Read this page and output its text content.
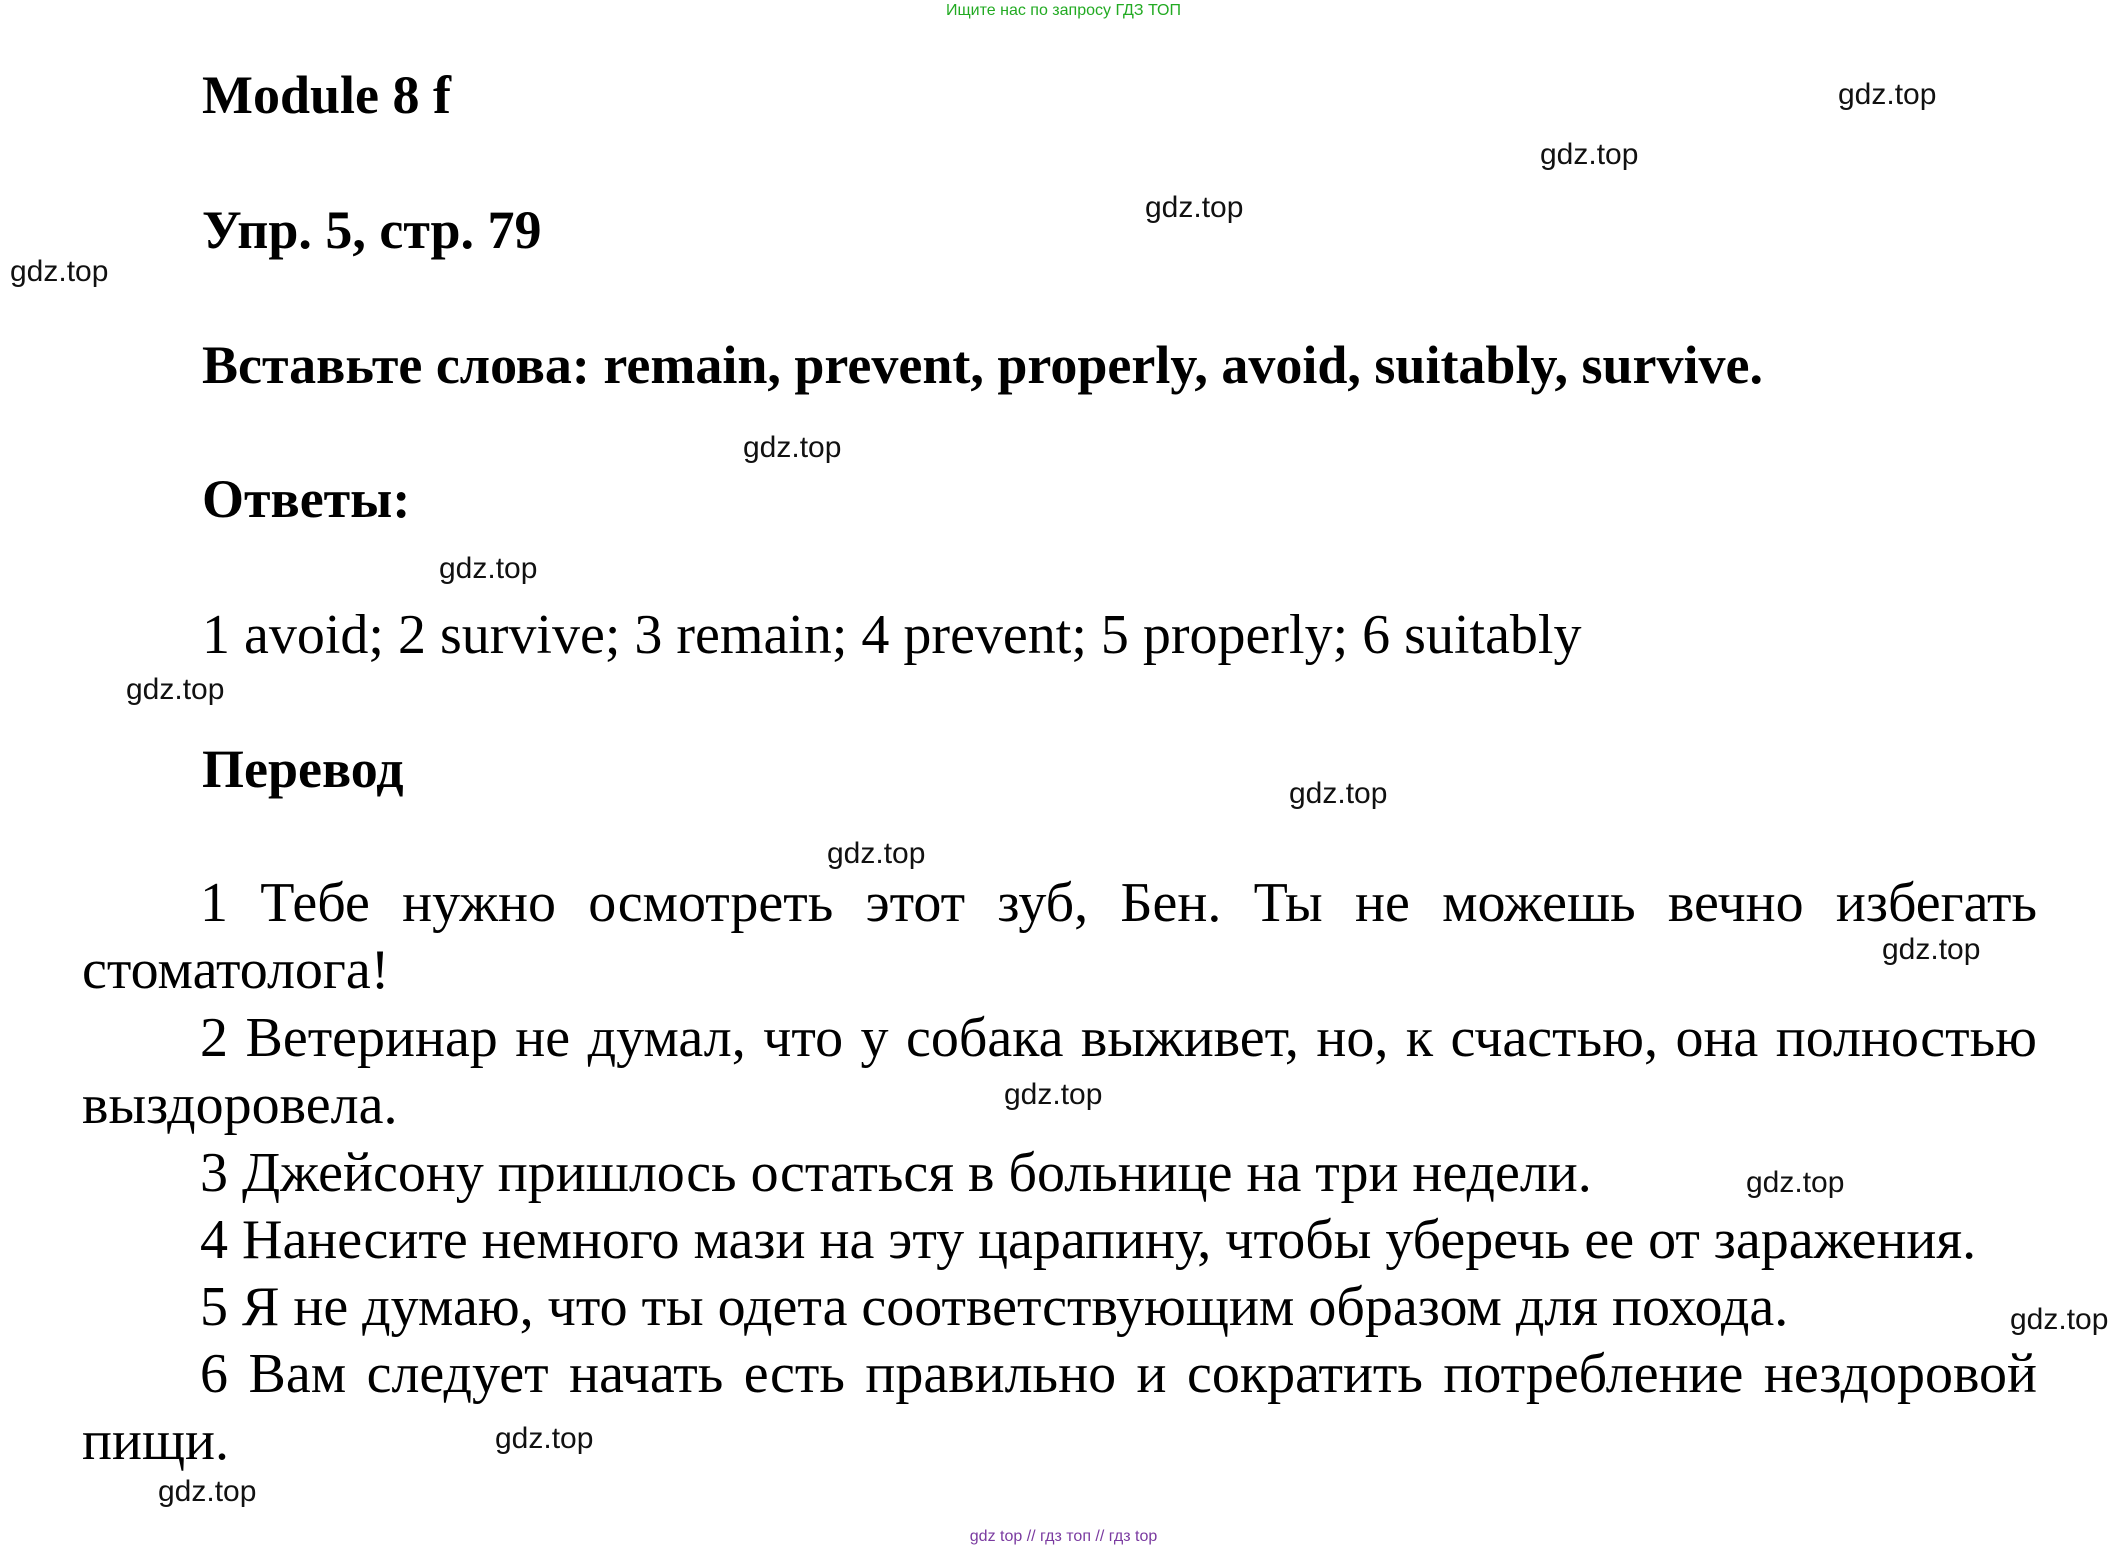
Ищите нас по запросу ГДЗ ТОП
Module 8 f
Упр. 5, стр. 79
Вставьте слова: remain, prevent, properly, avoid, suitably, survive.
Ответы:
1 avoid; 2 survive; 3 remain; 4 prevent; 5 properly; 6 suitably
Перевод
1 Тебе нужно осмотреть этот зуб, Бен. Ты не можешь вечно избегать стоматолога!
2 Ветеринар не думал, что у собака выживет, но, к счастью, она полностью выздоровела.
3 Джейсону пришлось остаться в больнице на три недели.
4 Нанесите немного мази на эту царапину, чтобы уберечь ее от заражения.
5 Я не думаю, что ты одета соответствующим образом для похода.
6 Вам следует начать есть правильно и сократить потребление нездоровой пищи.
gdz.top
gdz.top
gdz.top
gdz.top
gdz.top
gdz.top
gdz.top
gdz.top
gdz.top
gdz.top
gdz.top
gdz.top
gdz.top
gdz.top
gdz.top
gdz top // гдз топ // гдз top
